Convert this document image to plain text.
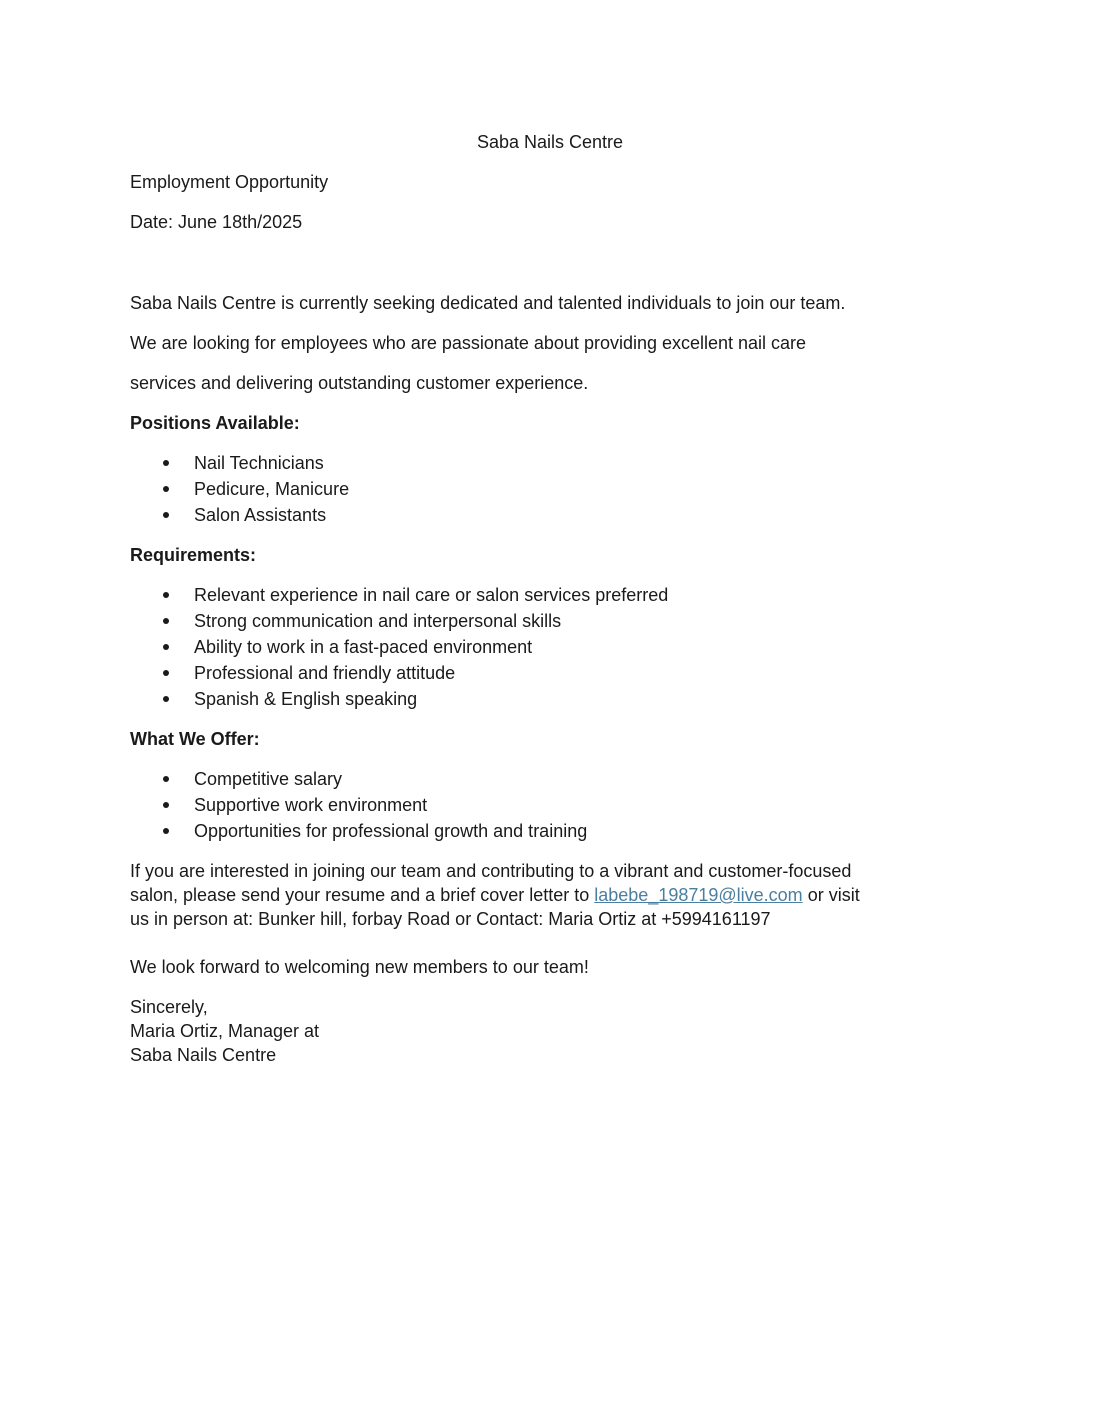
Saba Nails Centre

Employment Opportunity

Date: June 18th/2025

Saba Nails Centre is currently seeking dedicated and talented individuals to join our team.

We are looking for employees who are passionate about providing excellent nail care

services and delivering outstanding customer experience.

Positions Available:

Nail Technicians
Pedicure, Manicure
Salon Assistants

Requirements:

Relevant experience in nail care or salon services preferred
Strong communication and interpersonal skills
Ability to work in a fast-paced environment
Professional and friendly attitude
Spanish & English speaking

What We Offer:

Competitive salary
Supportive work environment
Opportunities for professional growth and training
If you are interested in joining our team and contributing to a vibrant and customer-focused
salon, please send your resume and a brief cover letter to labebe_198719@live.com or visit
us in person at: Bunker hill, forbay Road or Contact: Maria Ortiz at +5994161197

We look forward to welcoming new members to our team!

Sincerely,
Maria Ortiz, Manager at
Saba Nails Centre
